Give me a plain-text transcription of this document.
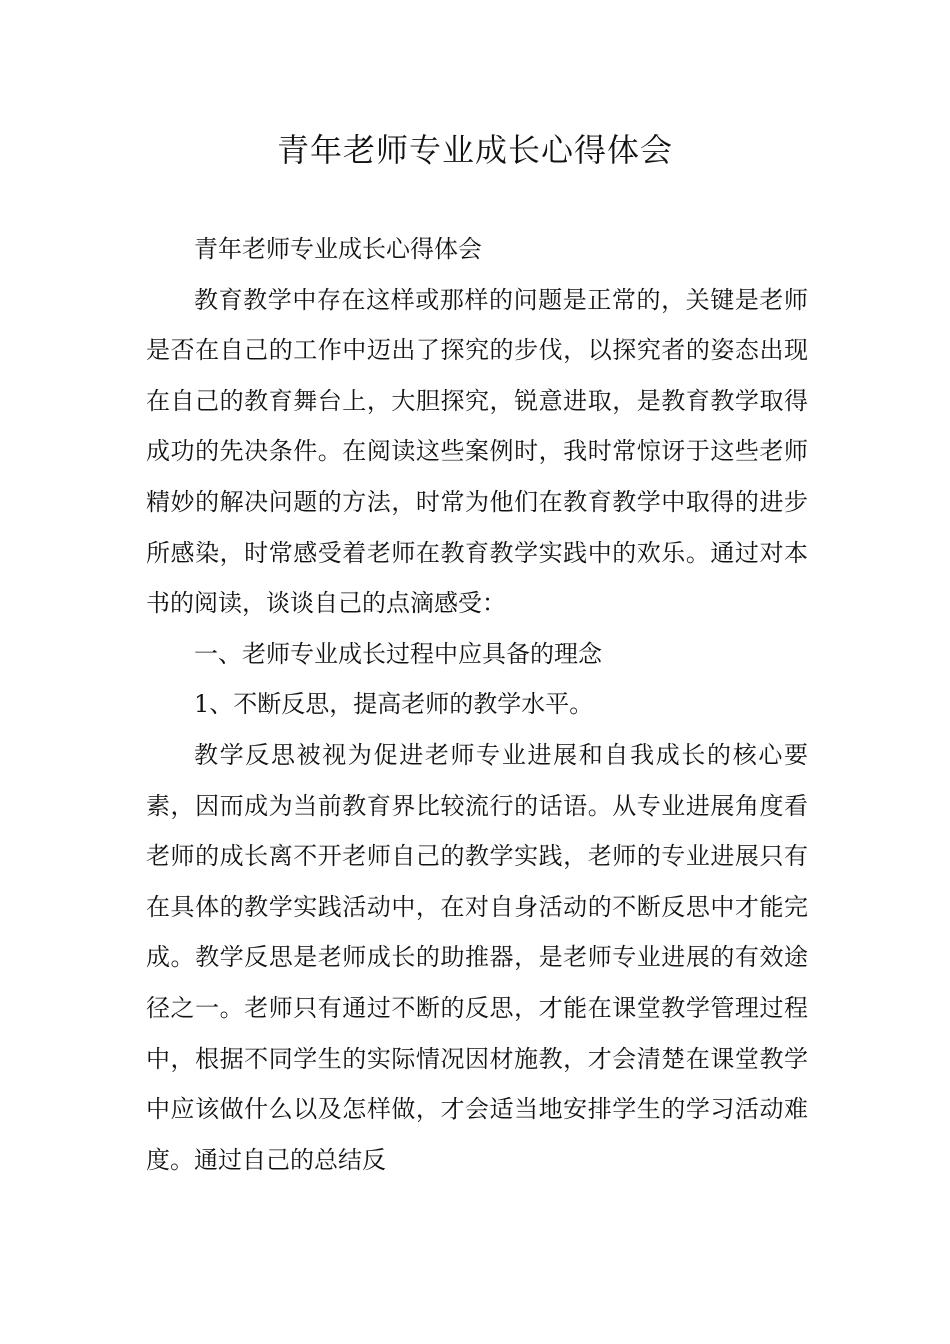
青年老师专业成长心得体会

青年老师专业成长心得体会

教育教学中存在这样或那样的问题是正常的，关键是老师是否在自己的工作中迈出了探究的步伐，以探究者的姿态出现在自己的教育舞台上，大胆探究，锐意进取，是教育教学取得成功的先决条件。在阅读这些案例时，我时常惊讶于这些老师精妙的解决问题的方法，时常为他们在教育教学中取得的进步所感染，时常感受着老师在教育教学实践中的欢乐。通过对本书的阅读，谈谈自己的点滴感受：

一、老师专业成长过程中应具备的理念

1、不断反思，提高老师的教学水平。

教学反思被视为促进老师专业进展和自我成长的核心要素，因而成为当前教育界比较流行的话语。从专业进展角度看老师的成长离不开老师自己的教学实践，老师的专业进展只有在具体的教学实践活动中，在对自身活动的不断反思中才能完成。教学反思是老师成长的助推器，是老师专业进展的有效途径之一。老师只有通过不断的反思，才能在课堂教学管理过程中，根据不同学生的实际情况因材施教，才会清楚在课堂教学中应该做什么以及怎样做，才会适当地安排学生的学习活动难度。通过自己的总结反
